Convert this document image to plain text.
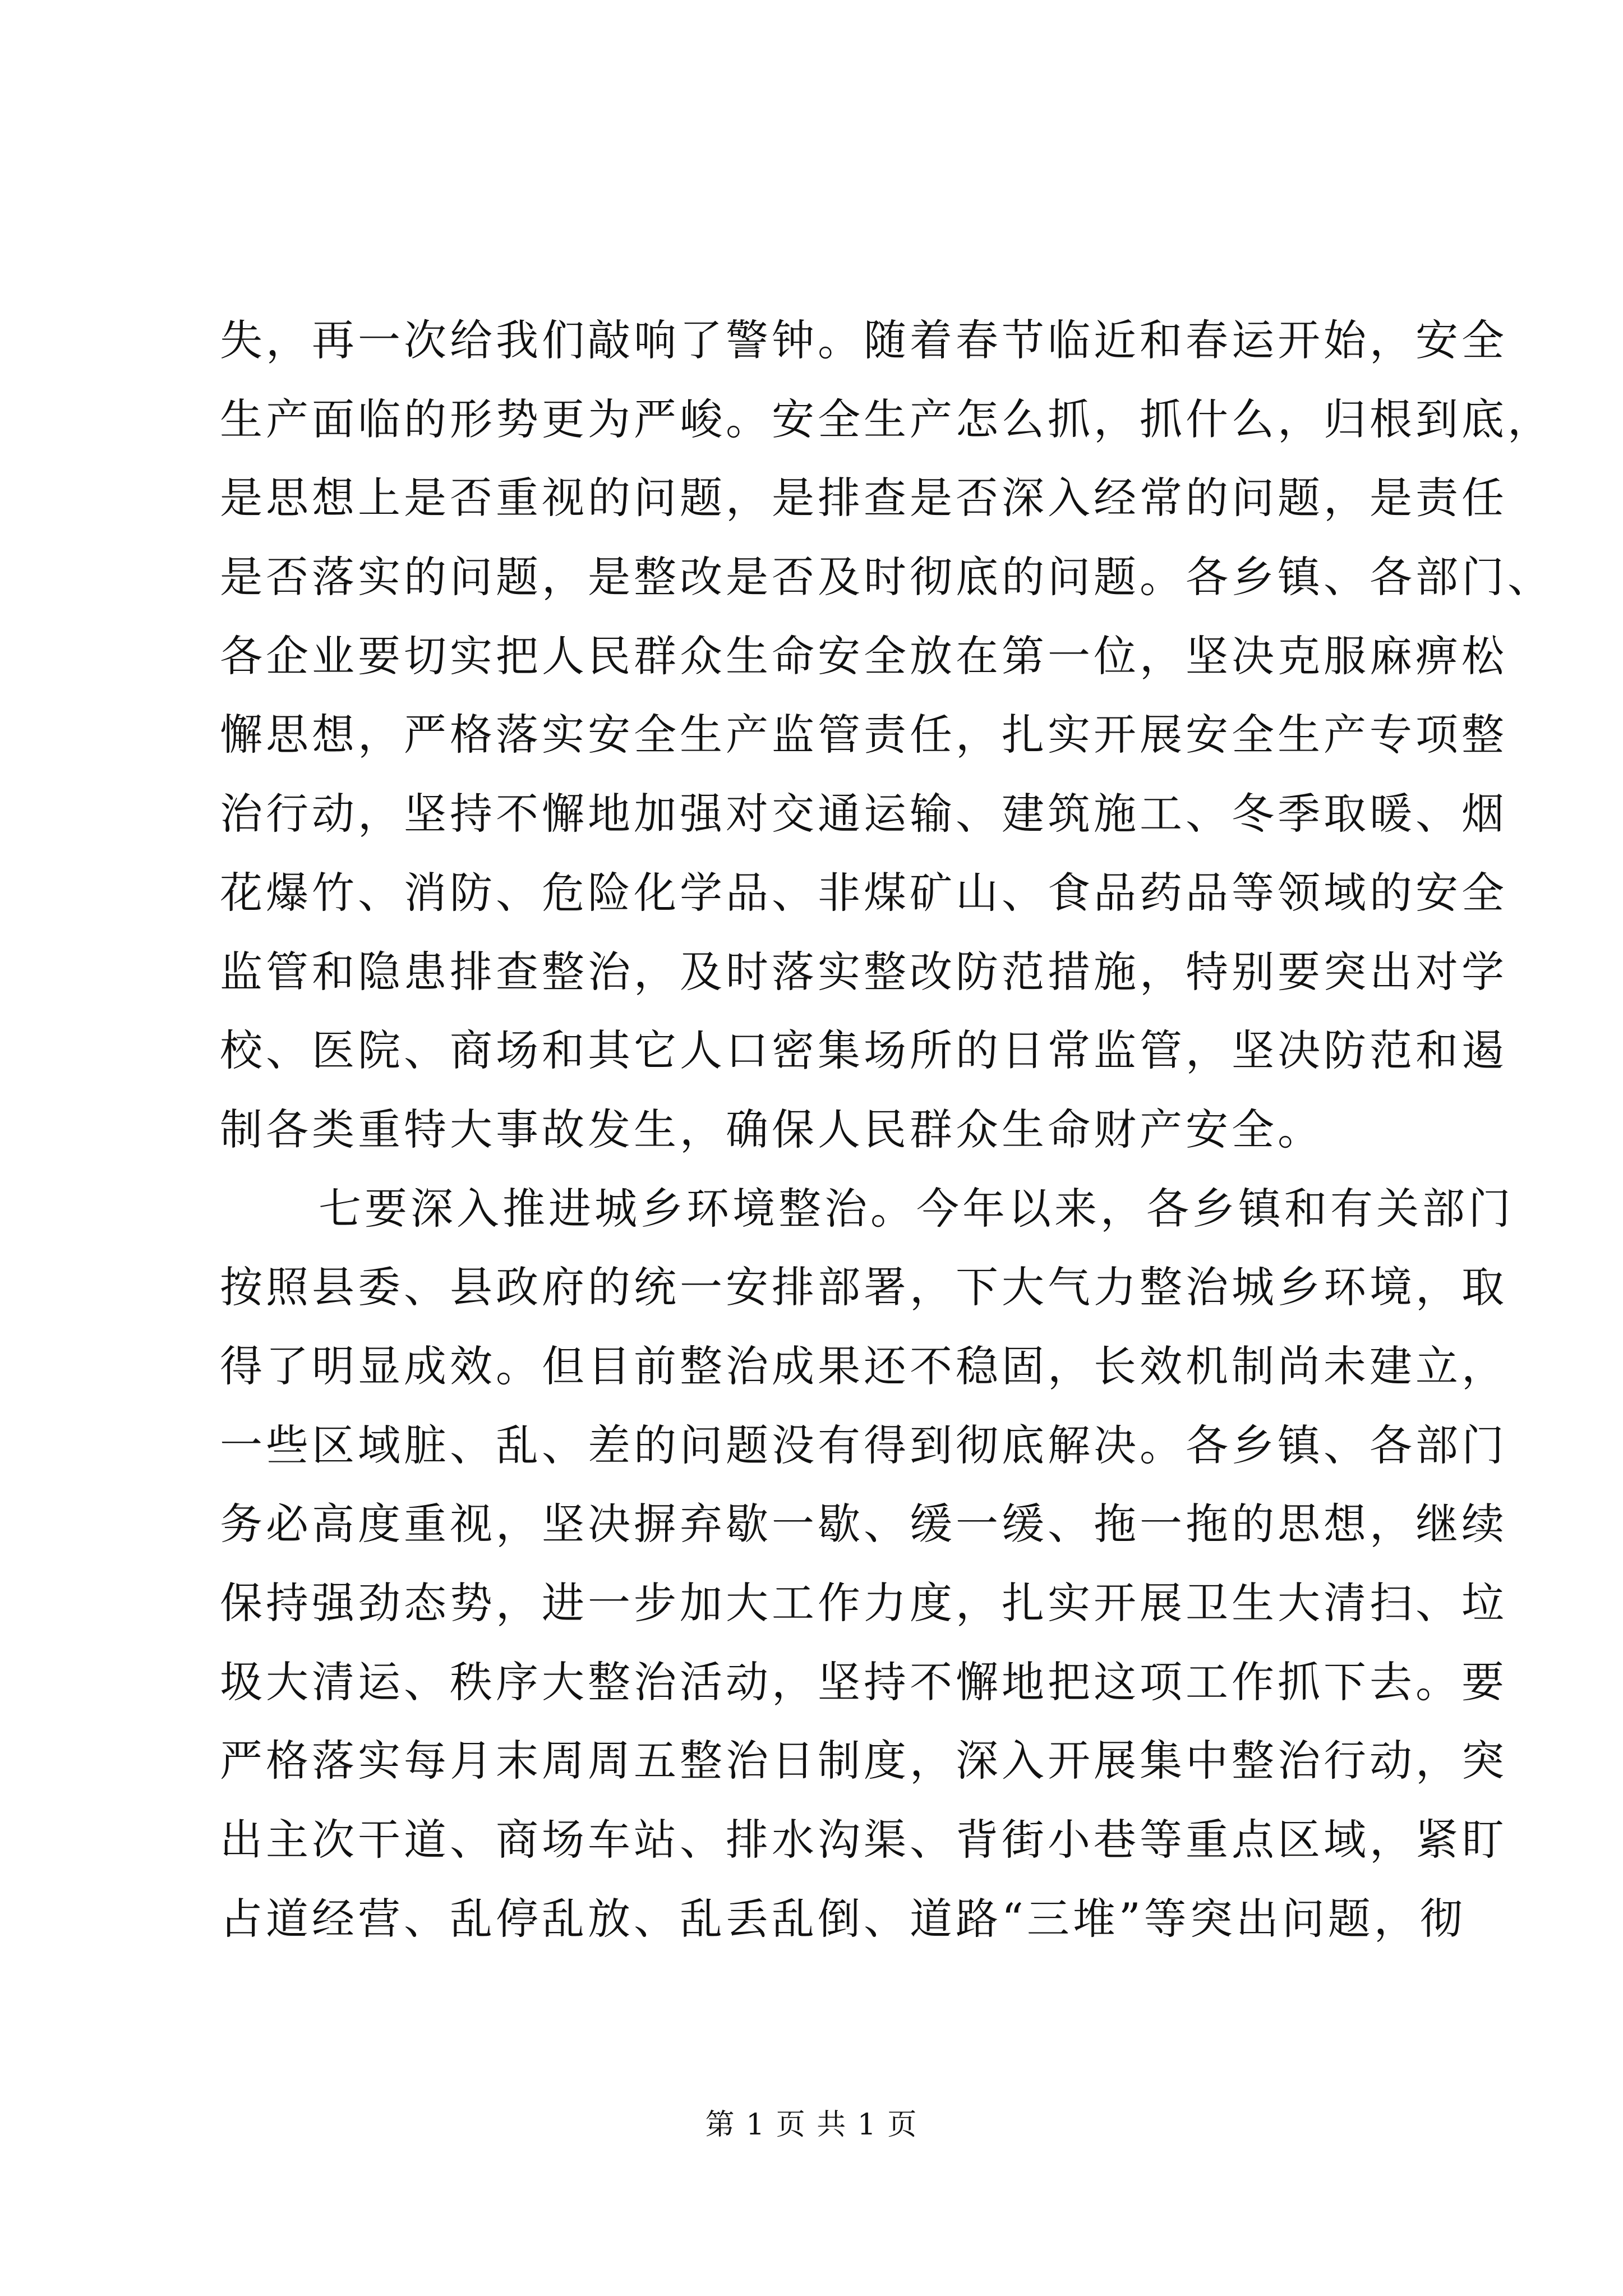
失，再一次给我们敲响了警钟。随着春节临近和春运开始，安全
生产面临的形势更为严峻。安全生产怎么抓，抓什么，归根到底，
是思想上是否重视的问题，是排查是否深入经常的问题，是责任
是否落实的问题，是整改是否及时彻底的问题。各乡镇、各部门、
各企业要切实把人民群众生命安全放在第一位，坚决克服麻痹松
懈思想，严格落实安全生产监管责任，扎实开展安全生产专项整
治行动，坚持不懈地加强对交通运输、建筑施工、冬季取暖、烟
花爆竹、消防、危险化学品、非煤矿山、食品药品等领域的安全
监管和隐患排查整治，及时落实整改防范措施，特别要突出对学
校、医院、商场和其它人口密集场所的日常监管，坚决防范和遏
制各类重特大事故发生，确保人民群众生命财产安全。
七要深入推进城乡环境整治。今年以来，各乡镇和有关部门
按照县委、县政府的统一安排部署，下大气力整治城乡环境，取
得了明显成效。但目前整治成果还不稳固，长效机制尚未建立，
一些区域脏、乱、差的问题没有得到彻底解决。各乡镇、各部门
务必高度重视，坚决摒弃歇一歇、缓一缓、拖一拖的思想，继续
保持强劲态势，进一步加大工作力度，扎实开展卫生大清扫、垃
圾大清运、秩序大整治活动，坚持不懈地把这项工作抓下去。要
严格落实每月末周周五整治日制度，深入开展集中整治行动，突
出主次干道、商场车站、排水沟渠、背街小巷等重点区域，紧盯
占道经营、乱停乱放、乱丢乱倒、道路“三堆”等突出问题，彻
第 1 页 共 1 页
